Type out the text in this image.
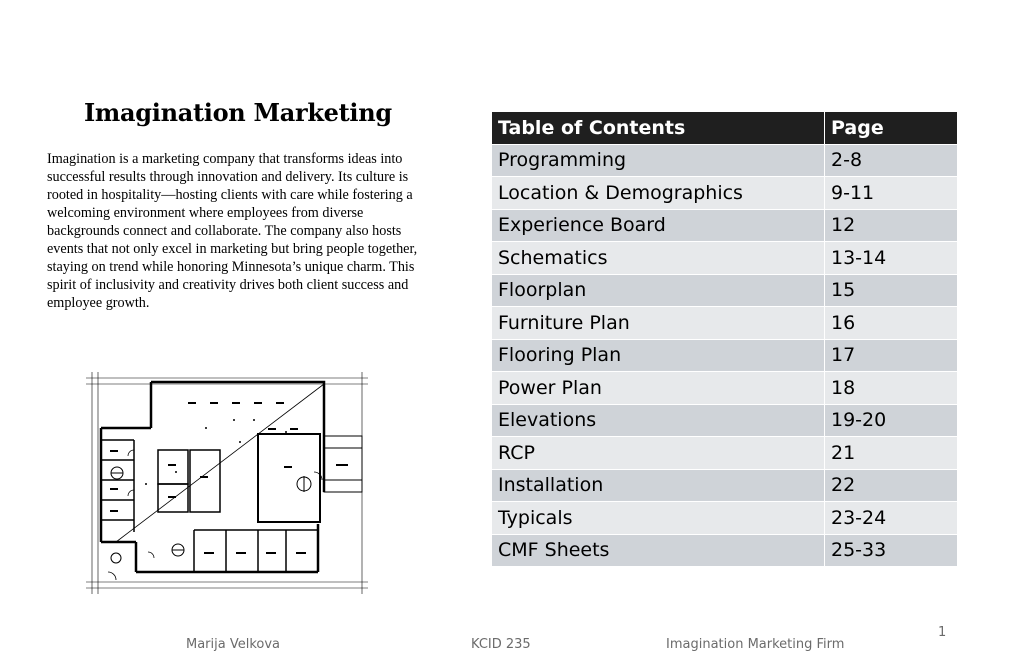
Imagination Marketing
Imagination is a marketing company that transforms ideas into successful results through innovation and delivery. Its culture is rooted in hospitality—hosting clients with care while fostering a welcoming environment where employees from diverse backgrounds connect and collaborate. The company also hosts events that not only excel in marketing but bring people together, staying on trend while honoring Minnesota’s unique charm. This spirit of inclusivity and creativity drives both client success and employee growth.
Table of Contents	Page
Programming	2-8
Location & Demographics	9-11
Experience Board	12
Schematics	13-14
Floorplan	15
Furniture Plan	16
Flooring Plan	17
Power Plan	18
Elevations	19-20
RCP	21
Installation	22
Typicals	23-24
CMF Sheets	25-33
1
Marija Velkova	KCID 235	Imagination Marketing Firm
